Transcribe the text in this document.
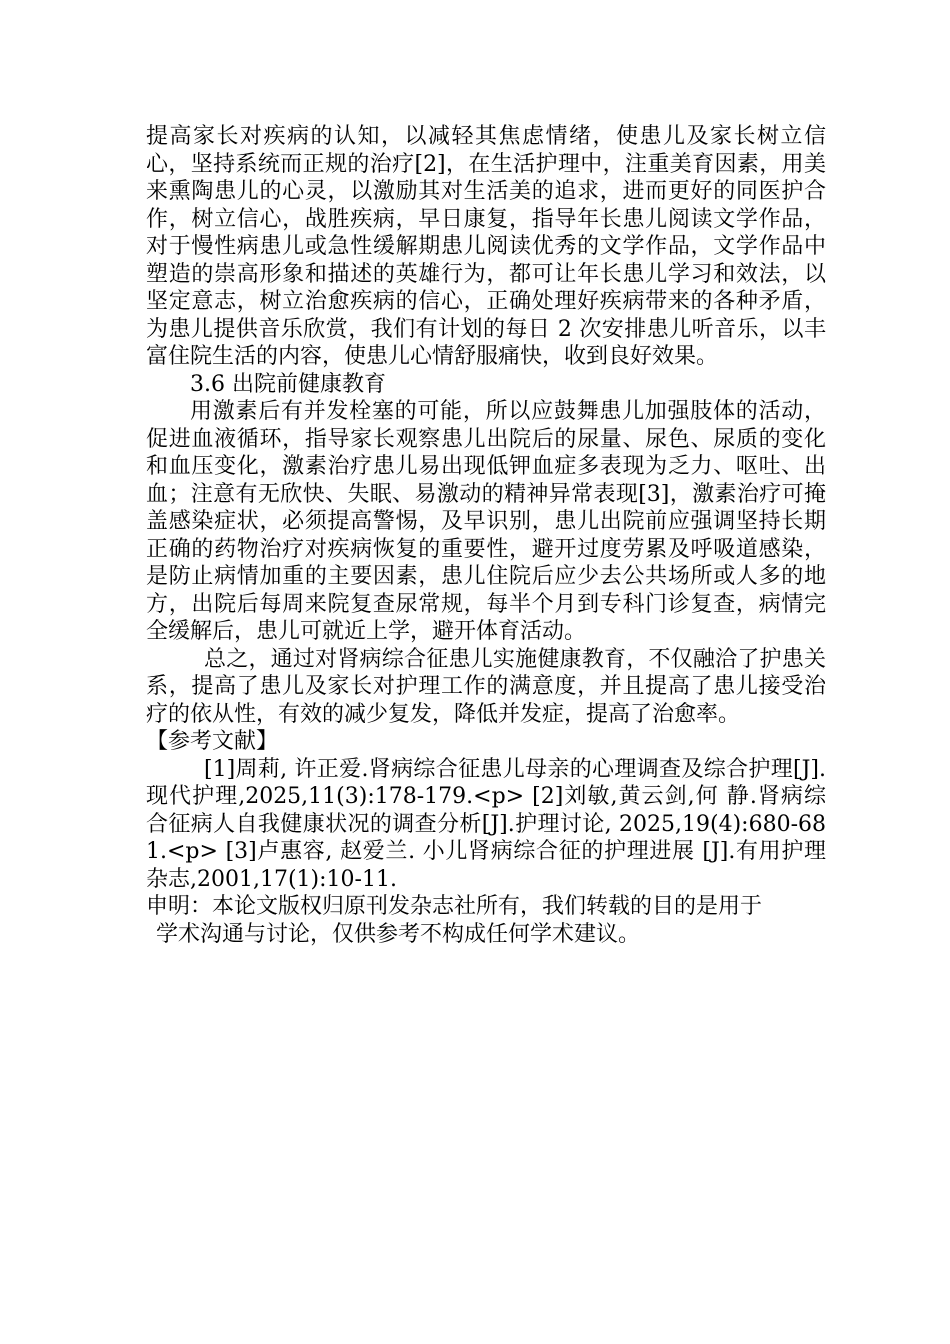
提高家长对疾病的认知，以减轻其焦虑情绪，使患儿及家长树立信心，坚持系统而正规的治疗[2]，在生活护理中，注重美育因素，用美来熏陶患儿的心灵，以激励其对生活美的追求，进而更好的同医护合作，树立信心，战胜疾病，早日康复，指导年长患儿阅读文学作品，对于慢性病患儿或急性缓解期患儿阅读优秀的文学作品，文学作品中塑造的崇高形象和描述的英雄行为，都可让年长患儿学习和效法，以坚定意志，树立治愈疾病的信心，正确处理好疾病带来的各种矛盾，为患儿提供音乐欣赏，我们有计划的每日 2 次安排患儿听音乐，以丰富住院生活的内容，使患儿心情舒服痛快，收到良好效果。

3.6 出院前健康教育

用激素后有并发栓塞的可能，所以应鼓舞患儿加强肢体的活动，促进血液循环，指导家长观察患儿出院后的尿量、尿色、尿质的变化和血压变化，激素治疗患儿易出现低钾血症多表现为乏力、呕吐、出血；注意有无欣快、失眠、易激动的精神异常表现[3]，激素治疗可掩盖感染症状，必须提高警惕，及早识别，患儿出院前应强调坚持长期正确的药物治疗对疾病恢复的重要性，避开过度劳累及呼吸道感染，是防止病情加重的主要因素，患儿住院后应少去公共场所或人多的地方，出院后每周来院复查尿常规，每半个月到专科门诊复查，病情完全缓解后，患儿可就近上学，避开体育活动。

总之，通过对肾病综合征患儿实施健康教育，不仅融洽了护患关系，提高了患儿及家长对护理工作的满意度，并且提高了患儿接受治疗的依从性，有效的减少复发，降低并发症，提高了治愈率。

【参考文献】

[1]周莉, 许正爱.肾病综合征患儿母亲的心理调查及综合护理[J].现代护理,2025,11(3):178-179.<p> [2]刘敏,黄云剑,何 静.肾病综合征病人自我健康状况的调查分析[J].护理讨论, 2025,19(4):680-681.<p> [3]卢惠容, 赵爱兰. 小儿肾病综合征的护理进展 [J].有用护理杂志,2001,17(1):10-11.

申明：本论文版权归原刊发杂志社所有，我们转载的目的是用于

学术沟通与讨论，仅供参考不构成任何学术建议。
